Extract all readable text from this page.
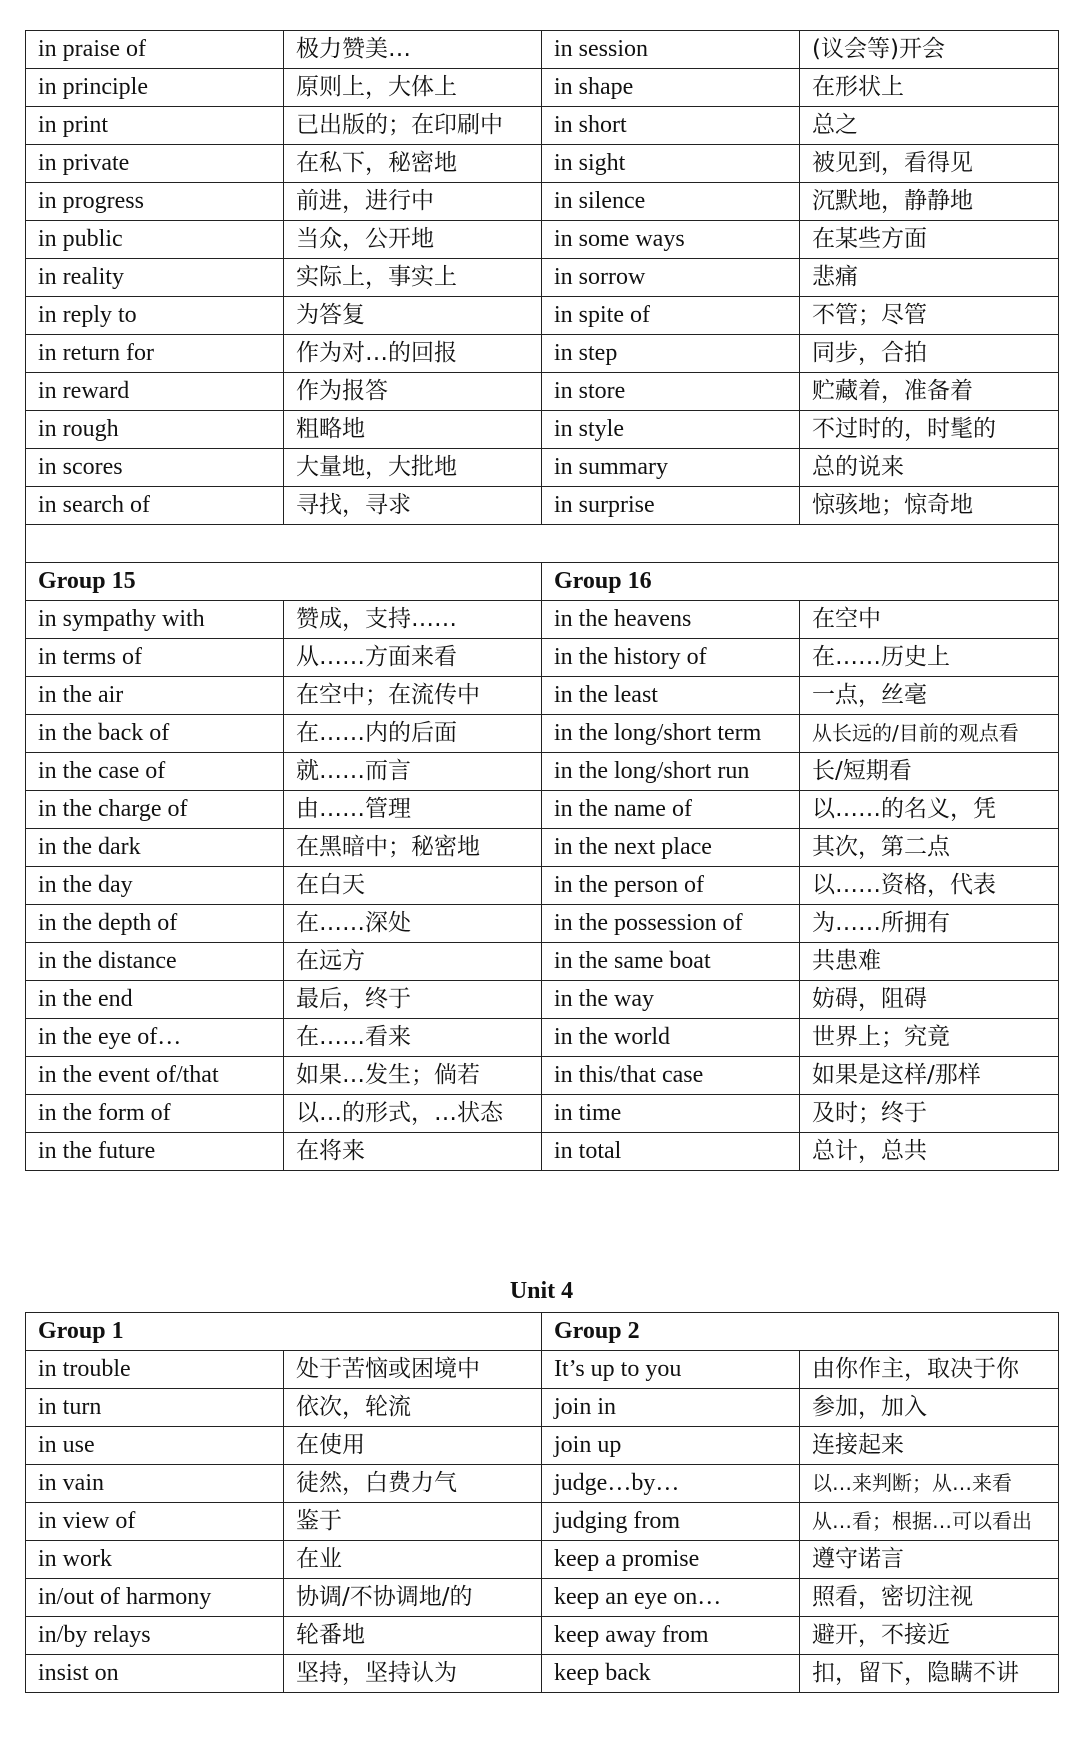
in praise of	极力赞美…	in session	(议会等)开会
in principle	原则上，大体上	in shape	在形状上
in print	已出版的；在印刷中	in short	总之
in private	在私下，秘密地	in sight	被见到，看得见
in progress	前进，进行中	in silence	沉默地，静静地
in public	当众，公开地	in some ways	在某些方面
in reality	实际上，事实上	in sorrow	悲痛
in reply to	为答复	in spite of	不管；尽管
in return for	作为对…的回报	in step	同步，合拍
in reward	作为报答	in store	贮藏着，准备着
in rough	粗略地	in style	不过时的，时髦的
in scores	大量地，大批地	in summary	总的说来
in search of	寻找，寻求	in surprise	惊骇地；惊奇地

Group 15		Group 16	
in sympathy with	赞成，支持……	in the heavens	在空中
in terms of	从……方面来看	in the history of	在……历史上
in the air	在空中；在流传中	in the least	一点，丝毫
in the back of	在……内的后面	in the long/short term	从长远的/目前的观点看
in the case of	就……而言	in the long/short run	长/短期看
in the charge of	由……管理	in the name of	以……的名义，凭
in the dark	在黑暗中；秘密地	in the next place	其次，第二点
in the day	在白天	in the person of	以……资格，代表
in the depth of	在……深处	in the possession of	为……所拥有
in the distance	在远方	in the same boat	共患难
in the end	最后，终于	in the way	妨碍，阻碍
in the eye of…	在……看来	in the world	世界上；究竟
in the event of/that	如果…发生；倘若	in this/that case	如果是这样/那样
in the form of	以…的形式，…状态	in time	及时；终于
in the future	在将来	in total	总计，总共
Unit 4
Group 1		Group 2	
in trouble	处于苦恼或困境中	It’s up to you	由你作主，取决于你
in turn	依次，轮流	join in	参加，加入
in use	在使用	join up	连接起来
in vain	徒然，白费力气	judge…by…	以…来判断；从…来看
in view of	鉴于	judging from	从…看；根据…可以看出
in work	在业	keep a promise	遵守诺言
in/out of harmony	协调/不协调地/的	keep an eye on…	照看，密切注视
in/by relays	轮番地	keep away from	避开，不接近
insist on	坚持，坚持认为	keep back	扣，留下，隐瞒不讲
